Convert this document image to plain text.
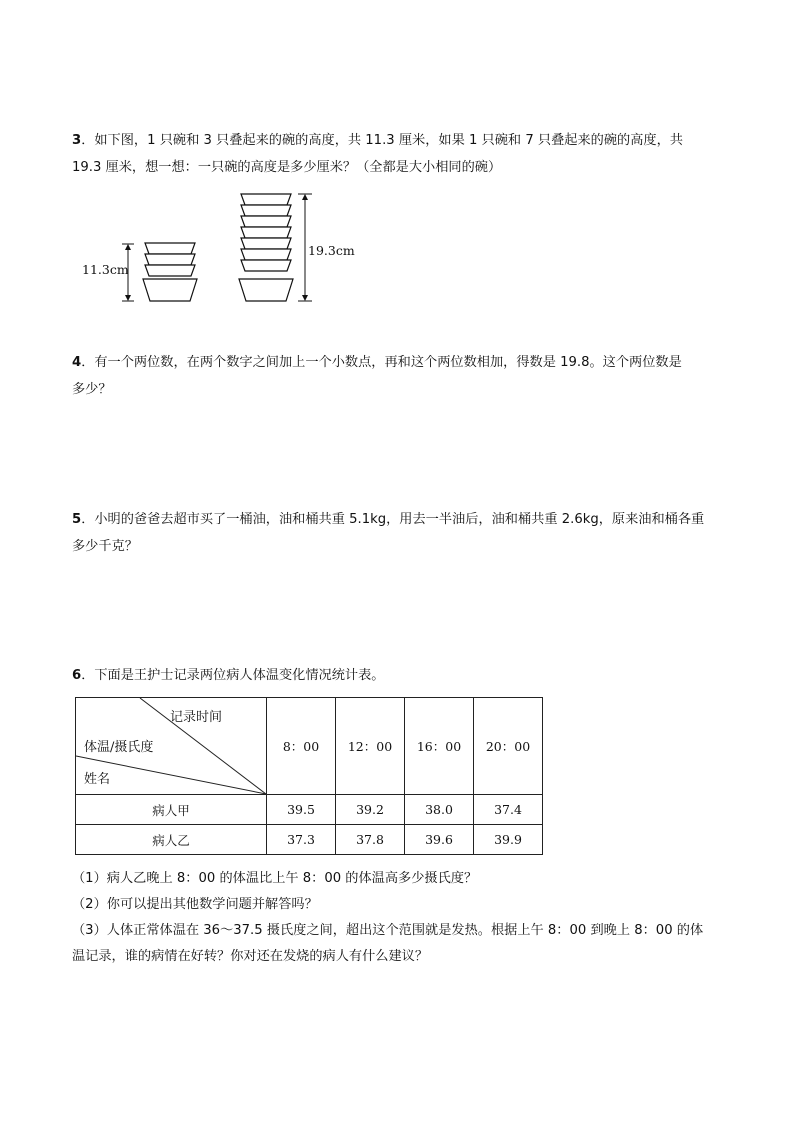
3．如下图，1 只碗和 3 只叠起来的碗的高度，共 11.3 厘米，如果 1 只碗和 7 只叠起来的碗的高度，共
19.3 厘米，想一想：一只碗的高度是多少厘米？（全都是大小相同的碗）
11.3cm
19.3cm
4．有一个两位数，在两个数字之间加上一个小数点，再和这个两位数相加，得数是 19.8。这个两位数是
多少？
5．小明的爸爸去超市买了一桶油，油和桶共重 5.1kg，用去一半油后，油和桶共重 2.6kg，原来油和桶各重
多少千克？
6．下面是王护士记录两位病人体温变化情况统计表。
记录时间
体温/摄氏度
姓名	8：00	12：00	16：00	20：00
病人甲	39.5	39.2	38.0	37.4
病人乙	37.3	37.8	39.6	39.9
（1）病人乙晚上 8：00 的体温比上午 8：00 的体温高多少摄氏度？
（2）你可以提出其他数学问题并解答吗？
（3）人体正常体温在 36～37.5 摄氏度之间，超出这个范围就是发热。根据上午 8：00 到晚上 8：00 的体
温记录，谁的病情在好转？你对还在发烧的病人有什么建议？
